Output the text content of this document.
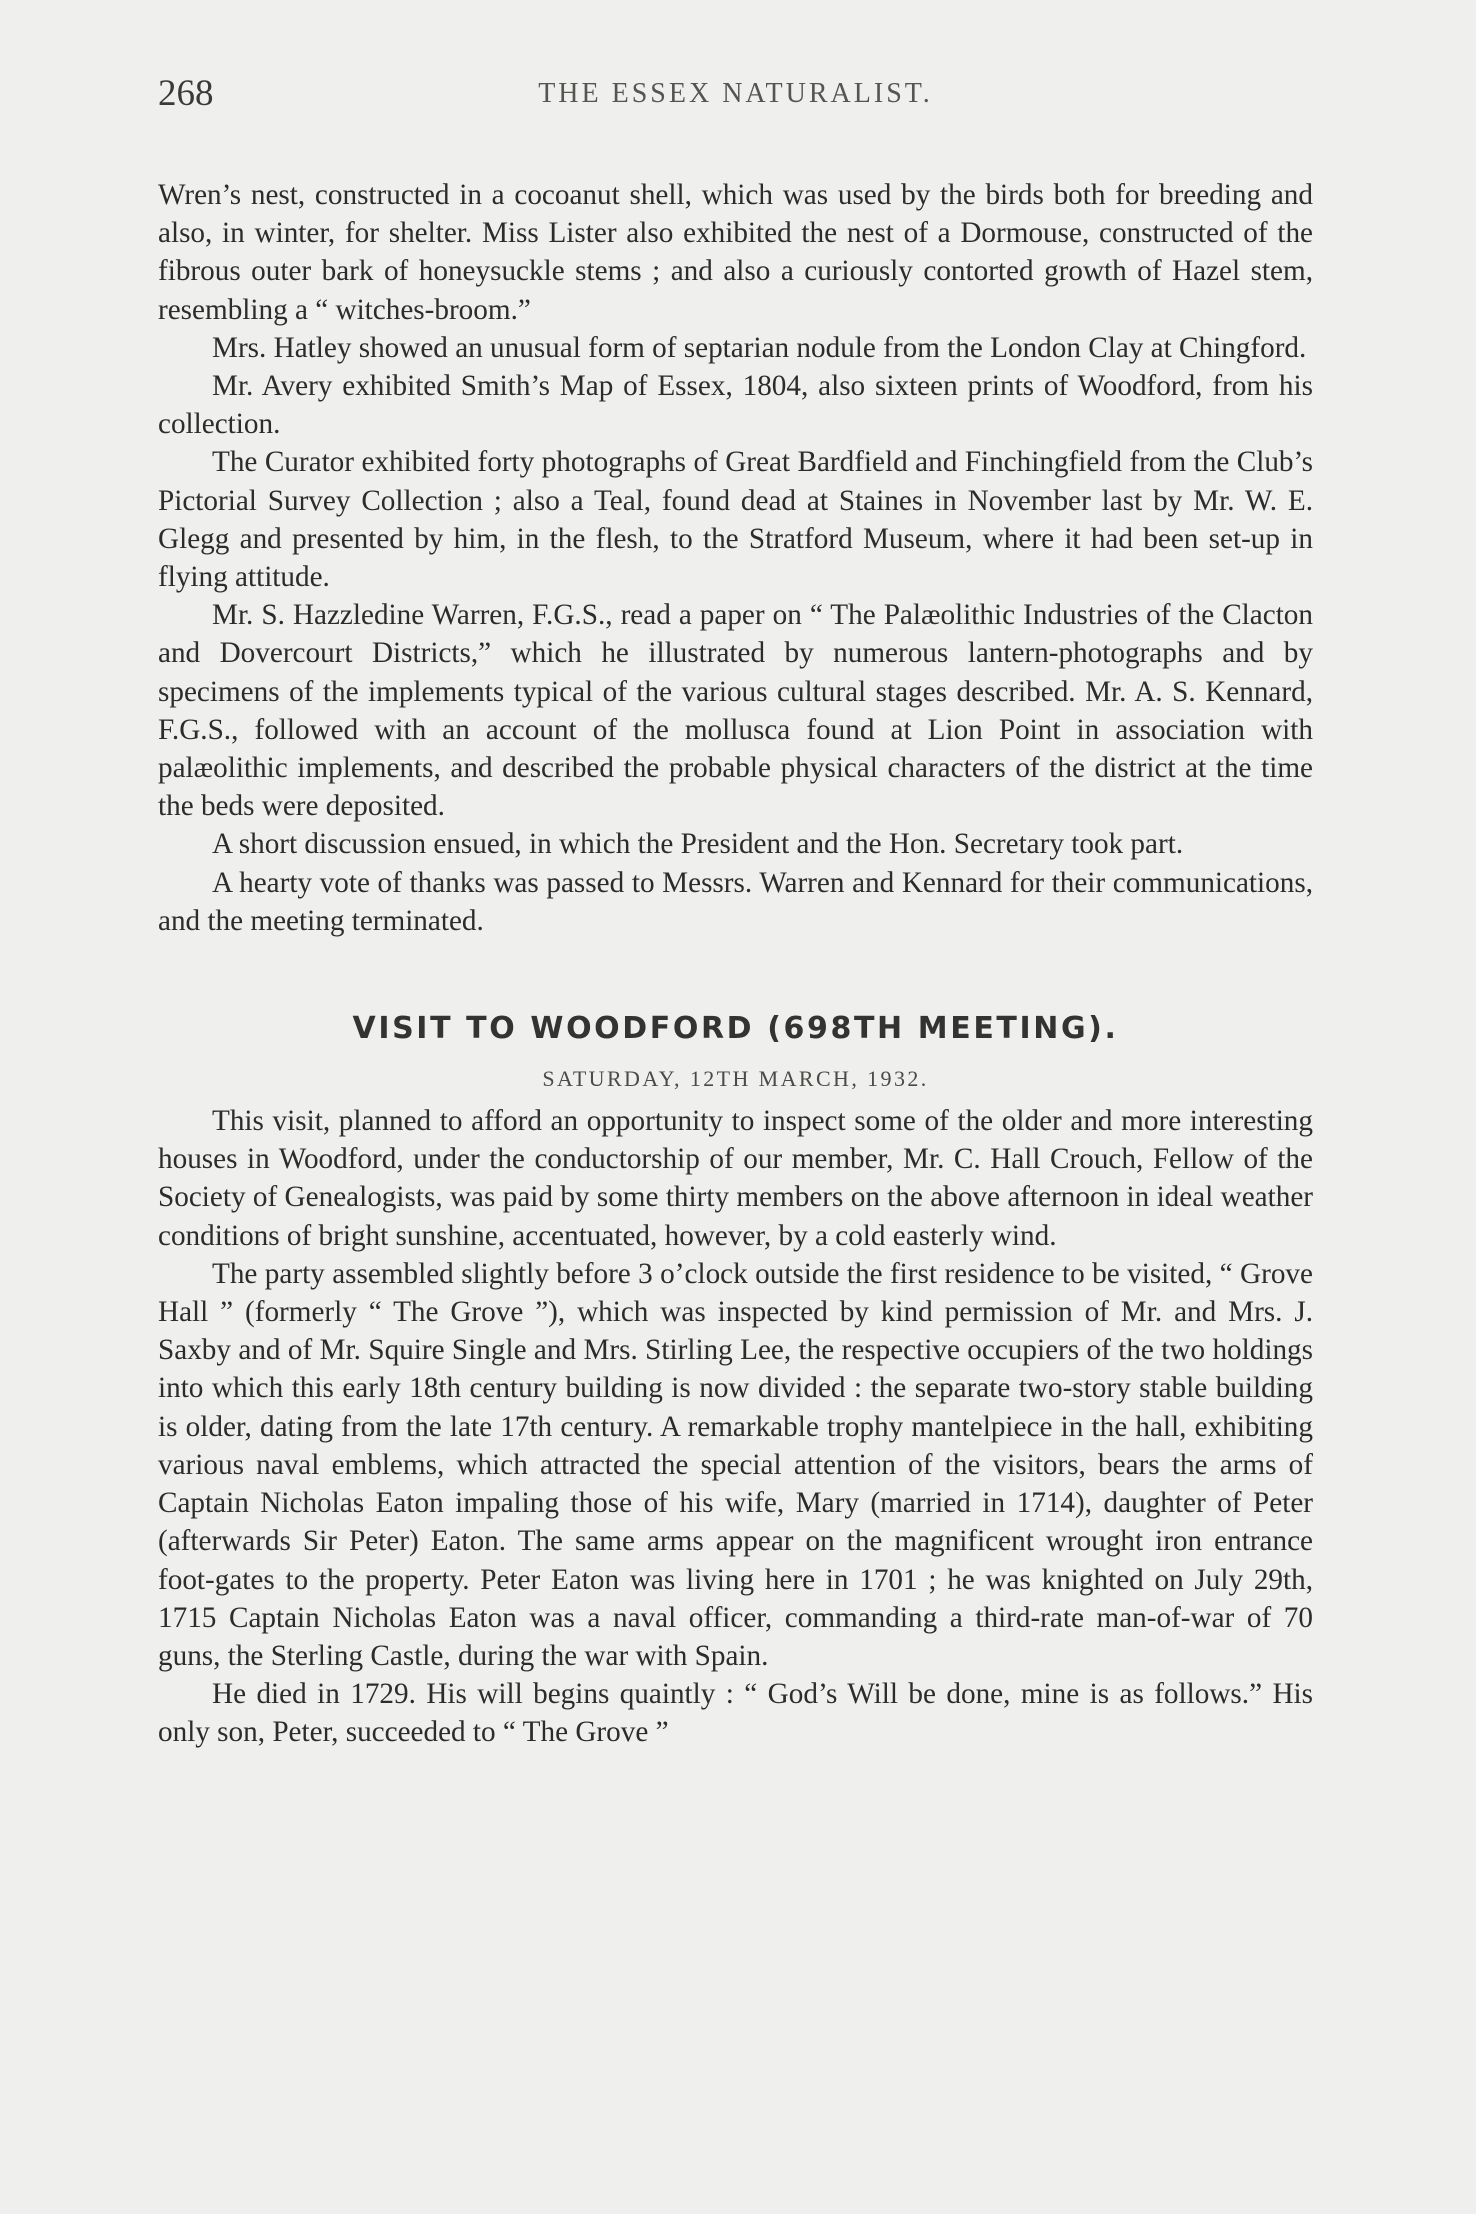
268	THE ESSEX NATURALIST.

Wren’s nest, constructed in a cocoanut shell, which was used by the birds both for breeding and also, in winter, for shelter. Miss Lister also exhibited the nest of a Dormouse, constructed of the fibrous outer bark of honeysuckle stems ; and also a curiously contorted growth of Hazel stem, resembling a “ witches-broom.”

Mrs. Hatley showed an unusual form of septarian nodule from the London Clay at Chingford.

Mr. Avery exhibited Smith’s Map of Essex, 1804, also sixteen prints of Woodford, from his collection.

The Curator exhibited forty photographs of Great Bardfield and Finchingfield from the Club’s Pictorial Survey Collection ; also a Teal, found dead at Staines in November last by Mr. W. E. Glegg and presented by him, in the flesh, to the Stratford Museum, where it had been set-up in flying attitude.

Mr. S. Hazzledine Warren, F.G.S., read a paper on “ The Palæolithic Industries of the Clacton and Dovercourt Districts,” which he illustrated by numerous lantern-photographs and by specimens of the implements typical of the various cultural stages described. Mr. A. S. Kennard, F.G.S., followed with an account of the mollusca found at Lion Point in association with palæolithic implements, and described the probable physical characters of the district at the time the beds were deposited.

A short discussion ensued, in which the President and the Hon. Secretary took part.

A hearty vote of thanks was passed to Messrs. Warren and Kennard for their communications, and the meeting terminated.

VISIT TO WOODFORD (698TH MEETING).
SATURDAY, 12TH MARCH, 1932.

This visit, planned to afford an opportunity to inspect some of the older and more interesting houses in Woodford, under the conductorship of our member, Mr. C. Hall Crouch, Fellow of the Society of Genealogists, was paid by some thirty members on the above afternoon in ideal weather conditions of bright sunshine, accentuated, however, by a cold easterly wind.

The party assembled slightly before 3 o’clock outside the first residence to be visited, “ Grove Hall ” (formerly “ The Grove ”), which was inspected by kind permission of Mr. and Mrs. J. Saxby and of Mr. Squire Single and Mrs. Stirling Lee, the respective occupiers of the two holdings into which this early 18th century building is now divided : the separate two-story stable building is older, dating from the late 17th century. A remarkable trophy mantelpiece in the hall, exhibiting various naval emblems, which attracted the special attention of the visitors, bears the arms of Captain Nicholas Eaton impaling those of his wife, Mary (married in 1714), daughter of Peter (afterwards Sir Peter) Eaton. The same arms appear on the magnificent wrought iron entrance foot-gates to the property. Peter Eaton was living here in 1701 ; he was knighted on July 29th, 1715 Captain Nicholas Eaton was a naval officer, commanding a third-rate man-of-war of 70 guns, the Sterling Castle, during the war with Spain.

He died in 1729. His will begins quaintly : “ God’s Will be done, mine is as follows.” His only son, Peter, succeeded to “ The Grove ”
